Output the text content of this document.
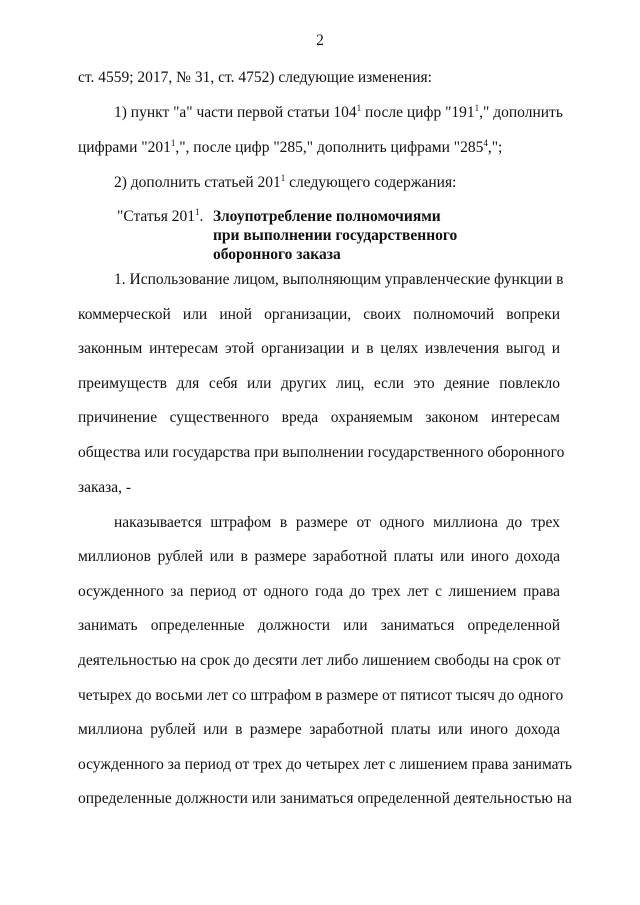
2
ст. 4559; 2017, № 31, ст. 4752) следующие изменения:
1) пункт "а" части первой статьи $104^1$ после цифр "$191^1$," дополнить
цифрами "$201^1$,", после цифр "285," дополнить цифрами "$285^4$,";
2) дополнить статьей $201^1$ следующего содержания:
"Статья $201^1$. Злоупотребление полномочиями
при выполнении государственного
оборонного заказа
1. Использование лицом, выполняющим управленческие функции в
коммерческой или иной организации, своих полномочий вопреки
законным интересам этой организации и в целях извлечения выгод и
преимуществ для себя или других лиц, если это деяние повлекло
причинение существенного вреда охраняемым законом интересам
общества или государства при выполнении государственного оборонного
заказа, -
наказывается штрафом в размере от одного миллиона до трех
миллионов рублей или в размере заработной платы или иного дохода
осужденного за период от одного года до трех лет с лишением права
занимать определенные должности или заниматься определенной
деятельностью на срок до десяти лет либо лишением свободы на срок от
четырех до восьми лет со штрафом в размере от пятисот тысяч до одного
миллиона рублей или в размере заработной платы или иного дохода
осужденного за период от трех до четырех лет с лишением права занимать
определенные должности или заниматься определенной деятельностью на
